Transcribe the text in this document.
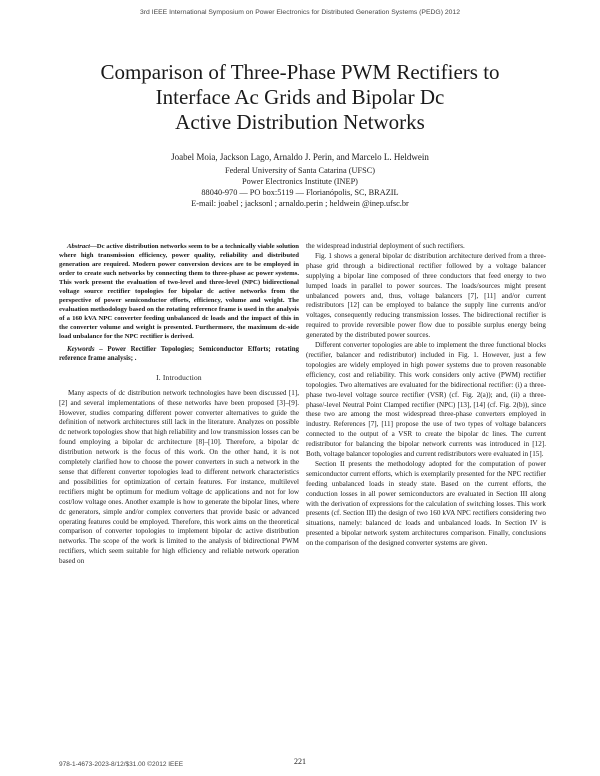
3rd IEEE International Symposium on Power Electronics for Distributed Generation Systems (PEDG) 2012
Comparison of Three-Phase PWM Rectifiers to
Interface Ac Grids and Bipolar Dc
Active Distribution Networks
Joabel Moia, Jackson Lago, Arnaldo J. Perin, and Marcelo L. Heldwein
Federal University of Santa Catarina (UFSC)
Power Electronics Institute (INEP)
88040-970 — PO box:5119 — Florianópolis, SC, BRAZIL
E-mail: joabel ; jacksonl ; arnaldo.perin ; heldwein @inep.ufsc.br

Abstract—Dc active distribution networks seem to be a technically viable solution where high transmission efficiency, power quality, reliability and distributed generation are required. Modern power conversion devices are to be employed in order to create such networks by connecting them to three-phase ac power systems. This work present the evaluation of two-level and three-level (NPC) bidirectional voltage source rectifier topologies for bipolar dc active networks from the perspective of power semiconductor efforts, efficiency, volume and weight. The evaluation methodology based on the rotating reference frame is used in the analysis of a 160 kVA NPC converter feeding unbalanced dc loads and the impact of this in the converter volume and weight is presented. Furthermore, the maximum dc-side load unbalance for the NPC rectifier is derived.

Keywords – Power Rectifier Topologies; Semiconductor Efforts; rotating reference frame analysis; .

I. Introduction

Many aspects of dc distribution network technologies have been discussed [1], [2] and several implementations of these networks have been proposed [3]–[9]. However, studies comparing different power converter alternatives to guide the definition of network architectures still lack in the literature. Analyzes on possible dc network topologies show that high reliability and low transmission losses can be found employing a bipolar dc architecture [8]–[10]. Therefore, a bipolar dc distribution network is the focus of this work. On the other hand, it is not completely clarified how to choose the power converters in such a network in the sense that different converter topologies lead to different network characteristics and possibilities for optimization of certain features. For instance, multilevel rectifiers might be optimum for medium voltage dc applications and not for low cost/low voltage ones. Another example is how to generate the bipolar lines, where dc generators, simple and/or complex converters that provide basic or advanced operating features could be employed. Therefore, this work aims on the theoretical comparison of converter topologies to implement bipolar dc active distribution networks. The scope of the work is limited to the analysis of bidirectional PWM rectifiers, which seem suitable for high efficiency and reliable network operation based on

the widespread industrial deployment of such rectifiers.

Fig. 1 shows a general bipolar dc distribution architecture derived from a three-phase grid through a bidirectional rectifier followed by a voltage balancer supplying a bipolar line composed of three conductors that feed energy to two lumped loads in parallel to power sources. The loads/sources might present unbalanced powers and, thus, voltage balancers [7], [11] and/or current redistributors [12] can be employed to balance the supply line currents and/or voltages, consequently reducing transmission losses. The bidirectional rectifier is required to provide reversible power flow due to possible surplus energy being generated by the distributed power sources.

Different converter topologies are able to implement the three functional blocks (rectifier, balancer and redistributor) included in Fig. 1. However, just a few topologies are widely employed in high power systems due to proven reasonable efficiency, cost and reliability. This work considers only active (PWM) rectifier topologies. Two alternatives are evaluated for the bidirectional rectifier: (i) a three-phase two-level voltage source rectifier (VSR) (cf. Fig. 2(a)); and, (ii) a three-phase/-level Neutral Point Clamped rectifier (NPC) [13], [14] (cf. Fig. 2(b)), since these two are among the most widespread three-phase converters employed in industry. References [7], [11] propose the use of two types of voltage balancers connected to the output of a VSR to create the bipolar dc lines. The current redistributor for balancing the bipolar network currents was introduced in [12]. Both, voltage balancer topologies and current redistributors were evaluated in [15].

Section II presents the methodology adopted for the computation of power semiconductor current efforts, which is exemplarily presented for the NPC rectifier feeding unbalanced loads in steady state. Based on the current efforts, the conduction losses in all power semiconductors are evaluated in Section III along with the derivation of expressions for the calculation of switching losses. This work presents (cf. Section III) the design of two 160 kVA NPC rectifiers considering two situations, namely: balanced dc loads and unbalanced loads. In Section IV is presented a bipolar network system architectures comparison. Finally, conclusions on the comparison of the designed converter systems are given.

978-1-4673-2023-8/12/$31.00 ©2012 IEEE	221
